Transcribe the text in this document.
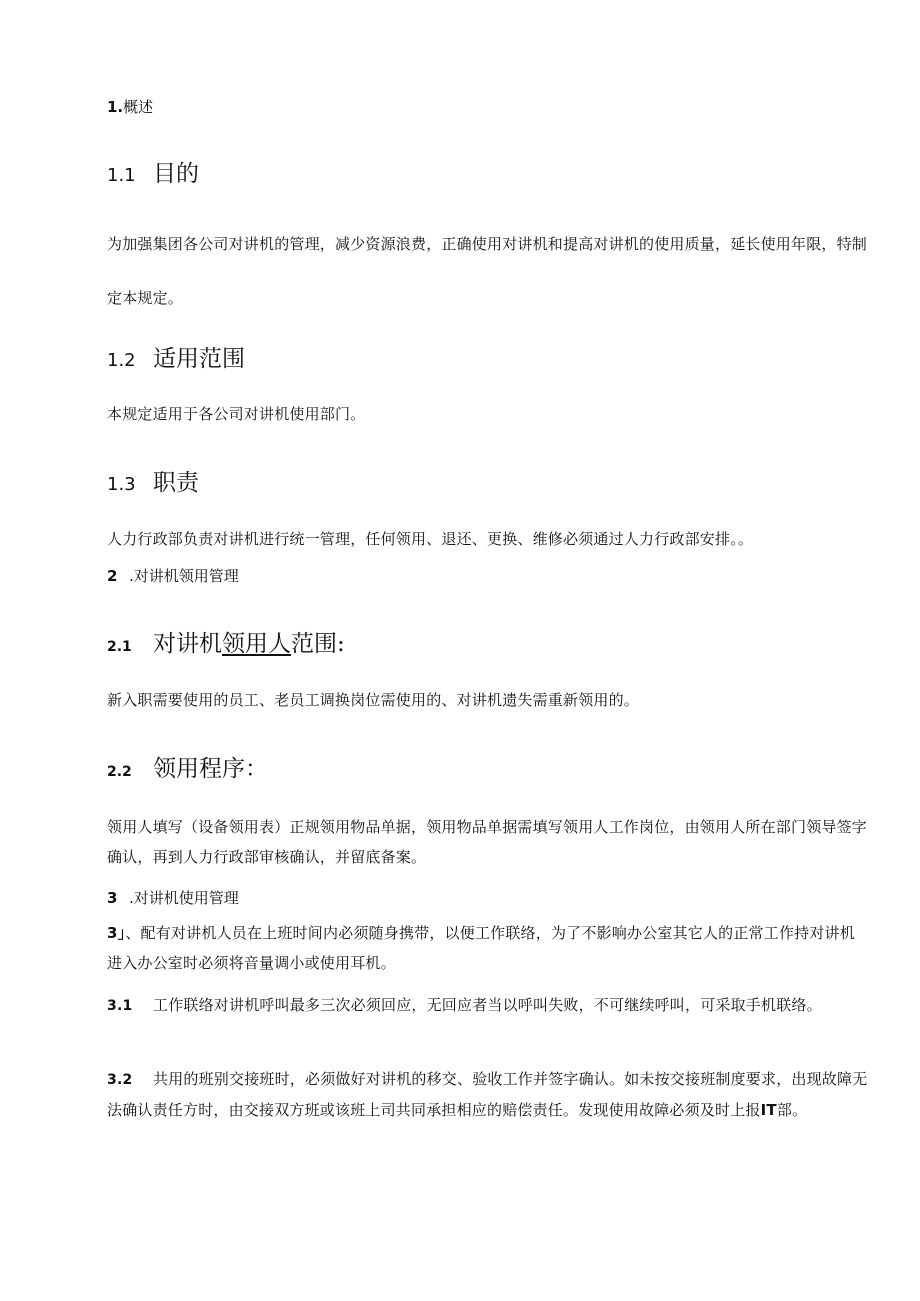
1.概述
1.1 目的
为加强集团各公司对讲机的管理，减少资源浪费，正确使用对讲机和提高对讲机的使用质量，延长使用年限，特制定本规定。
1.2 适用范围
本规定适用于各公司对讲机使用部门。
1.3 职责
人力行政部负责对讲机进行统一管理，任何领用、退还、更换、维修必须通过人力行政部安排。。
2 .对讲机领用管理
2.1 对讲机领用人范围:
新入职需要使用的员工、老员工调换岗位需使用的、对讲机遗失需重新领用的。
2.2 领用程序：
领用人填写（设备领用表）正规领用物品单据，领用物品单据需填写领用人工作岗位，由领用人所在部门领导签字确认，再到人力行政部审核确认，并留底备案。
3 .对讲机使用管理
3」、配有对讲机人员在上班时间内必须随身携带，以便工作联络，为了不影响办公室其它人的正常工作持对讲机进入办公室时必须将音量调小或使用耳机。
3.1 工作联络对讲机呼叫最多三次必须回应，无回应者当以呼叫失败，不可继续呼叫，可采取手机联络。
3.2 共用的班别交接班时，必须做好对讲机的移交、验收工作并签字确认。如未按交接班制度要求，出现故障无法确认责任方时，由交接双方班或该班上司共同承担相应的赔偿责任。发现使用故障必须及时上报IT部。
